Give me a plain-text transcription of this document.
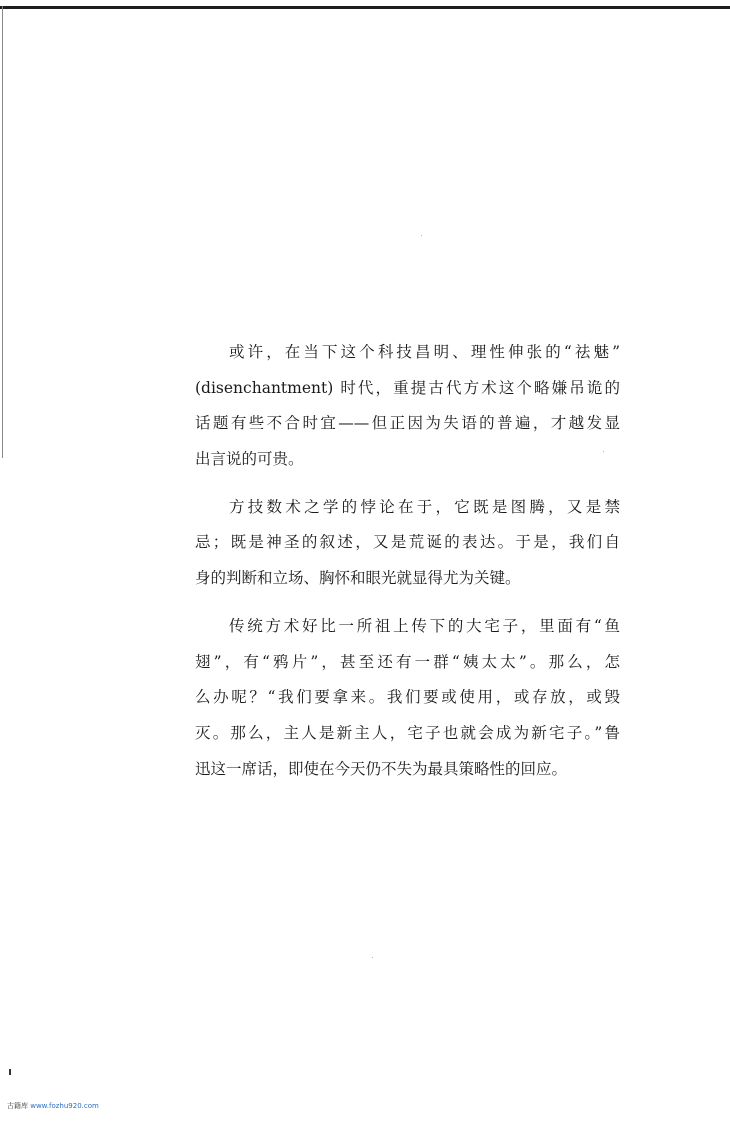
或许，在当下这个科技昌明、理性伸张的“祛魅”
(disenchantment) 时代，重提古代方术这个略嫌吊诡的
话题有些不合时宜——但正因为失语的普遍，才越发显
出言说的可贵。

方技数术之学的悖论在于，它既是图腾，又是禁
忌；既是神圣的叙述，又是荒诞的表达。于是，我们自
身的判断和立场、胸怀和眼光就显得尤为关键。

传统方术好比一所祖上传下的大宅子，里面有“鱼
翅”，有“鸦片”，甚至还有一群“姨太太”。那么，怎
么办呢？“我们要拿来。我们要或使用，或存放，或毁
灭。那么，主人是新主人，宅子也就会成为新宅子。”鲁
迅这一席话，即使在今天仍不失为最具策略性的回应。

古籍库 www.fozhu920.com
